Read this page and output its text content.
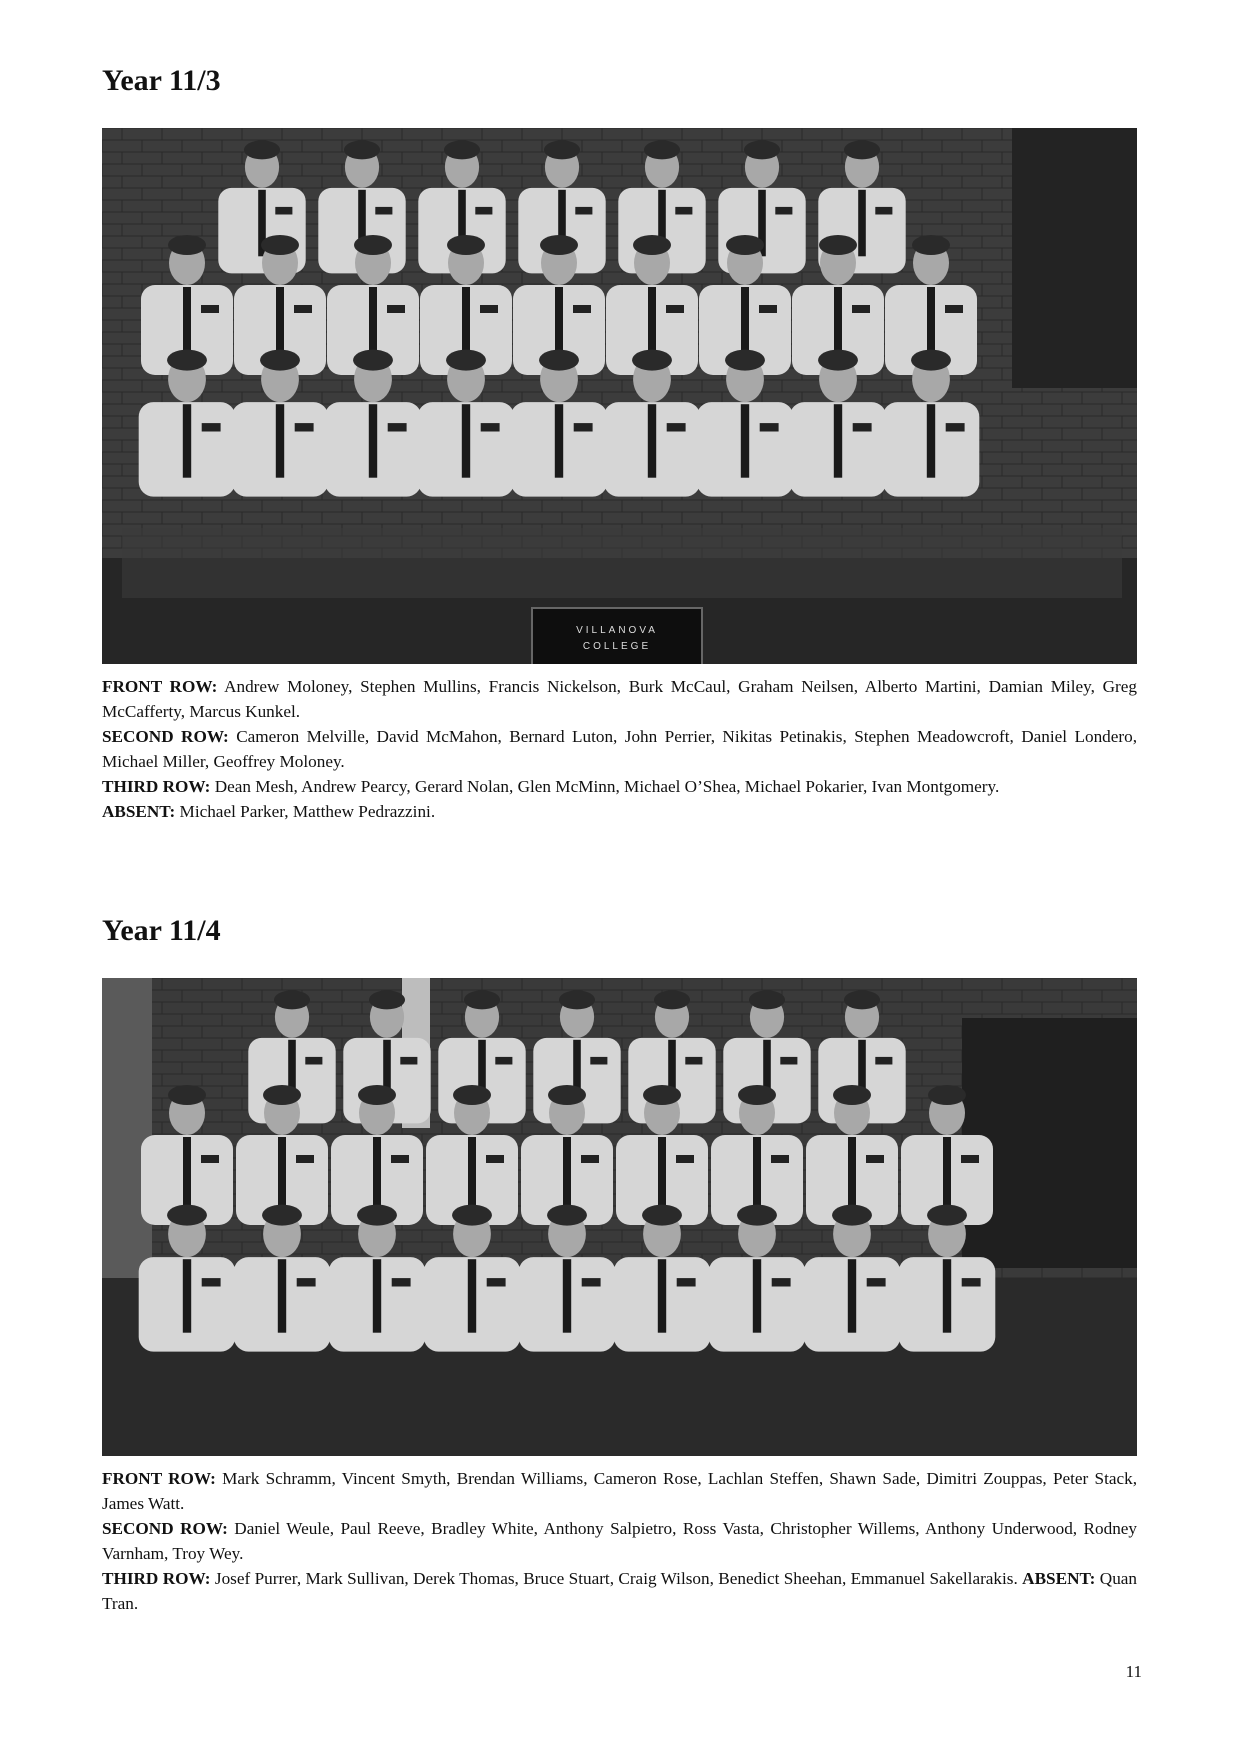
Year 11/3
VILLANOVA
COLLEGE

FRONT ROW: Andrew Moloney, Stephen Mullins, Francis Nickelson, Burk McCaul, Graham Neilsen, Alberto Martini, Damian Miley, Greg McCafferty, Marcus Kunkel.

SECOND ROW: Cameron Melville, David McMahon, Bernard Luton, John Perrier, Nikitas Petinakis, Stephen Meadowcroft, Daniel Londero, Michael Miller, Geoffrey Moloney.

THIRD ROW: Dean Mesh, Andrew Pearcy, Gerard Nolan, Glen McMinn, Michael O’Shea, Michael Pokarier, Ivan Montgomery.

ABSENT: Michael Parker, Matthew Pedrazzini.

Year 11/4

FRONT ROW: Mark Schramm, Vincent Smyth, Brendan Williams, Cameron Rose, Lachlan Steffen, Shawn Sade, Dimitri Zouppas, Peter Stack, James Watt.

SECOND ROW: Daniel Weule, Paul Reeve, Bradley White, Anthony Salpietro, Ross Vasta, Christopher Willems, Anthony Underwood, Rodney Varnham, Troy Wey.

THIRD ROW: Josef Purrer, Mark Sullivan, Derek Thomas, Bruce Stuart, Craig Wilson, Benedict Sheehan, Emmanuel Sakellarakis. ABSENT: Quan Tran.

11
